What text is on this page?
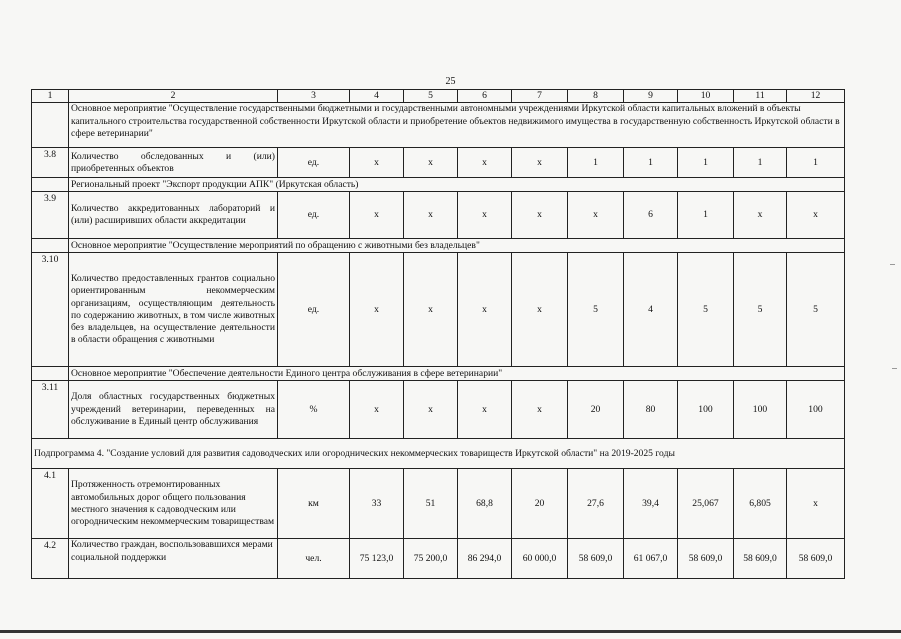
25
1	2	3	4	5	6	7	8	9	10	11	12
	Основное мероприятие "Осуществление государственными бюджетными и государственными автономными учреждениями Иркутской области капитальных вложений в объекты капитального строительства государственной собственности Иркутской области и приобретение объектов недвижимого имущества в государственную собственность Иркутской области в сфере ветеринарии"										
3.8	Количество обследованных и (или) приобретенных объектов	ед.	х	х	х	х	1	1	1	1	1
	Региональный проект "Экспорт продукции АПК" (Иркутская область)										
3.9	Количество аккредитованных лабораторий и (или) расширивших области аккредитации	ед.	х	х	х	х	х	6	1	х	х
	Основное мероприятие "Осуществление мероприятий по обращению с животными без владельцев"										
3.10	Количество предоставленных грантов социально ориентированным некоммерческим организациям, осуществляющим деятельность по содержанию животных, в том числе животных без владельцев, на осуществление деятельности в области обращения с животными	ед.	х	х	х	х	5	4	5	5	5
	Основное мероприятие "Обеспечение деятельности Единого центра обслуживания в сфере ветеринарии"										
3.11	Доля областных государственных бюджетных учреждений ветеринарии, переведенных на обслуживание в Единый центр обслуживания	%	х	х	х	х	20	80	100	100	100
Подпрограмма 4. "Создание условий для развития садоводческих или огороднических некоммерческих товариществ Иркутской области" на 2019-2025 годы											
4.1	Протяженность отремонтированных автомобильных дорог общего пользования местного значения к садоводческим или огородническим некоммерческим товариществам	км	33	51	68,8	20	27,6	39,4	25,067	6,805	х
4.2	Количество граждан, воспользовавшихся мерами социальной поддержки	чел.	75 123,0	75 200,0	86 294,0	60 000,0	58 609,0	61 067,0	58 609,0	58 609,0	58 609,0
